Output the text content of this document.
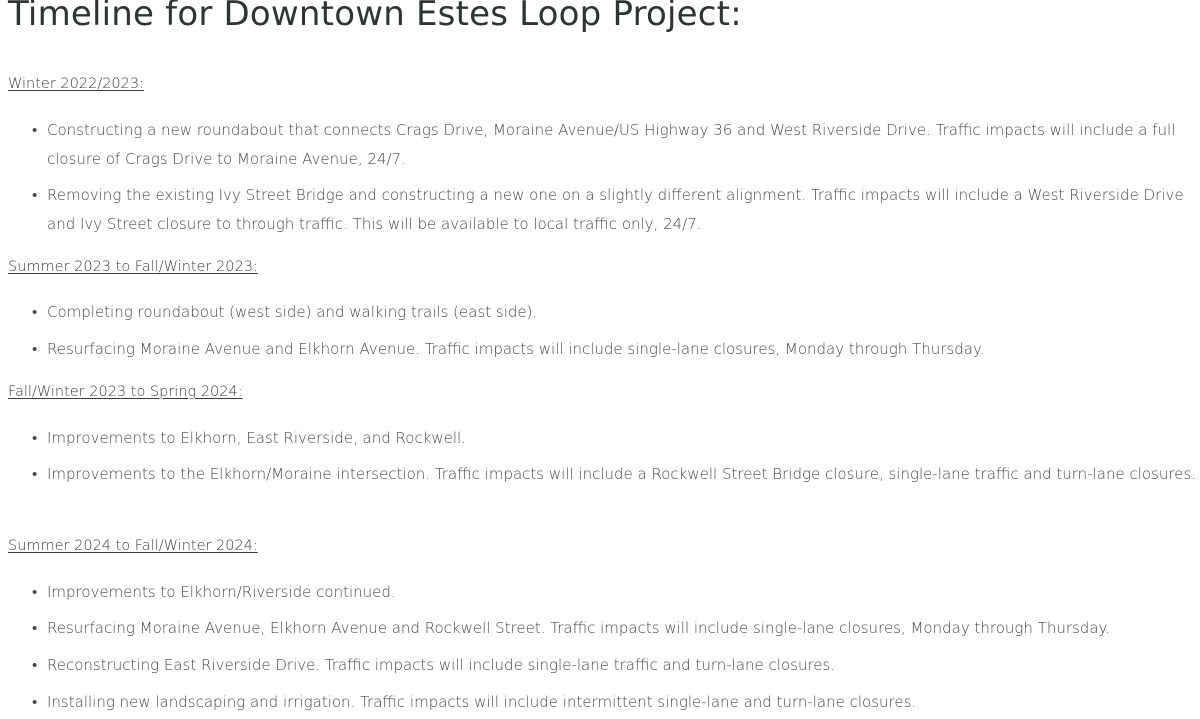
Timeline for Downtown Estes Loop Project:
Winter 2022/2023:
• Constructing a new roundabout that connects Crags Drive, Moraine Avenue/US Highway 36 and West Riverside Drive. Traffic impacts will include a full closure of Crags Drive to Moraine Avenue, 24/7.
• Removing the existing Ivy Street Bridge and constructing a new one on a slightly different alignment. Traffic impacts will include a West Riverside Drive and Ivy Street closure to through traffic. This will be available to local traffic only, 24/7.
Summer 2023 to Fall/Winter 2023:
• Completing roundabout (west side) and walking trails (east side).
• Resurfacing Moraine Avenue and Elkhorn Avenue. Traffic impacts will include single-lane closures, Monday through Thursday.
Fall/Winter 2023 to Spring 2024:
• Improvements to Elkhorn, East Riverside, and Rockwell.
• Improvements to the Elkhorn/Moraine intersection. Traffic impacts will include a Rockwell Street Bridge closure, single-lane traffic and turn-lane closures.
Summer 2024 to Fall/Winter 2024:
• Improvements to Elkhorn/Riverside continued.
• Resurfacing Moraine Avenue, Elkhorn Avenue and Rockwell Street. Traffic impacts will include single-lane closures, Monday through Thursday.
• Reconstructing East Riverside Drive. Traffic impacts will include single-lane traffic and turn-lane closures.
• Installing new landscaping and irrigation. Traffic impacts will include intermittent single-lane and turn-lane closures.
